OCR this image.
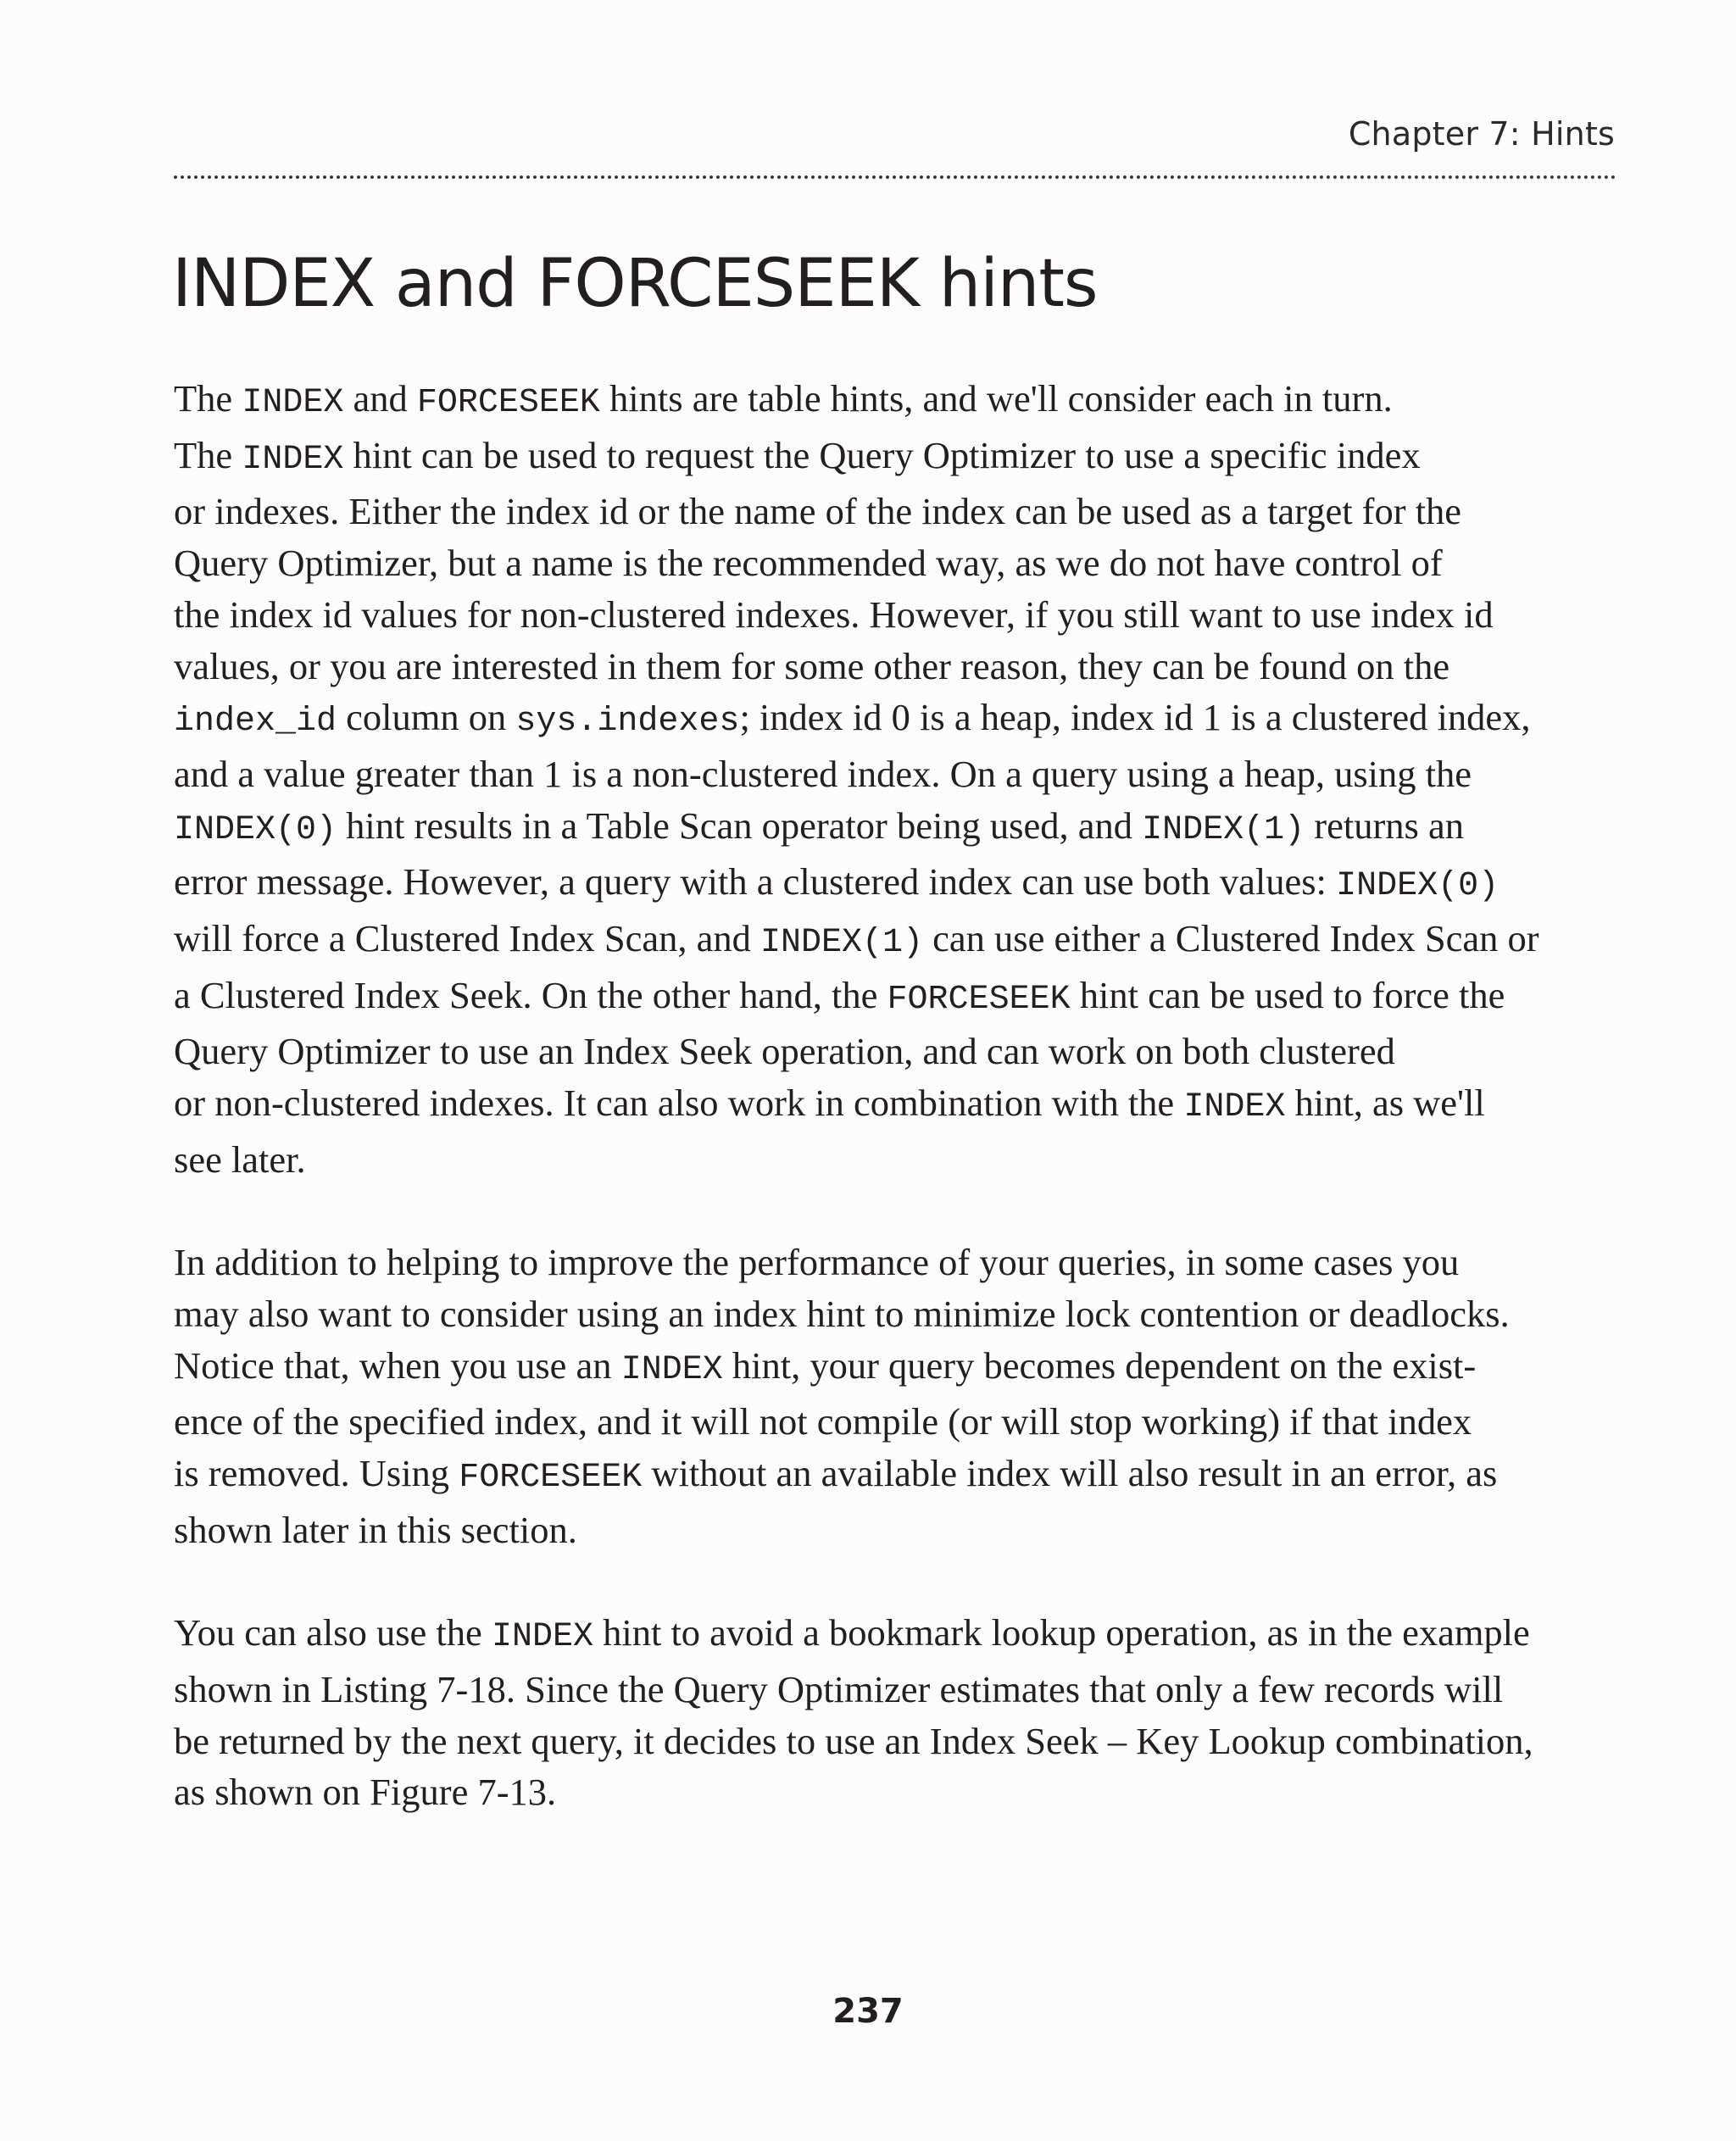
Chapter 7: Hints
INDEX and FORCESEEK hints

The INDEX and FORCESEEK hints are table hints, and we'll consider each in turn.
The INDEX hint can be used to request the Query Optimizer to use a specific index
or indexes. Either the index id or the name of the index can be used as a target for the
Query Optimizer, but a name is the recommended way, as we do not have control of
the index id values for non-clustered indexes. However, if you still want to use index id
values, or you are interested in them for some other reason, they can be found on the
index_id column on sys.indexes; index id 0 is a heap, index id 1 is a clustered index,
and a value greater than 1 is a non-clustered index. On a query using a heap, using the
INDEX(0) hint results in a Table Scan operator being used, and INDEX(1) returns an
error message. However, a query with a clustered index can use both values: INDEX(0)
will force a Clustered Index Scan, and INDEX(1) can use either a Clustered Index Scan or
a Clustered Index Seek. On the other hand, the FORCESEEK hint can be used to force the
Query Optimizer to use an Index Seek operation, and can work on both clustered
or non-clustered indexes. It can also work in combination with the INDEX hint, as we'll
see later.

In addition to helping to improve the performance of your queries, in some cases you
may also want to consider using an index hint to minimize lock contention or deadlocks.
Notice that, when you use an INDEX hint, your query becomes dependent on the exist-
ence of the specified index, and it will not compile (or will stop working) if that index
is removed. Using FORCESEEK without an available index will also result in an error, as
shown later in this section.

You can also use the INDEX hint to avoid a bookmark lookup operation, as in the example
shown in Listing 7-18. Since the Query Optimizer estimates that only a few records will
be returned by the next query, it decides to use an Index Seek – Key Lookup combination,
as shown on Figure 7-13.

237
